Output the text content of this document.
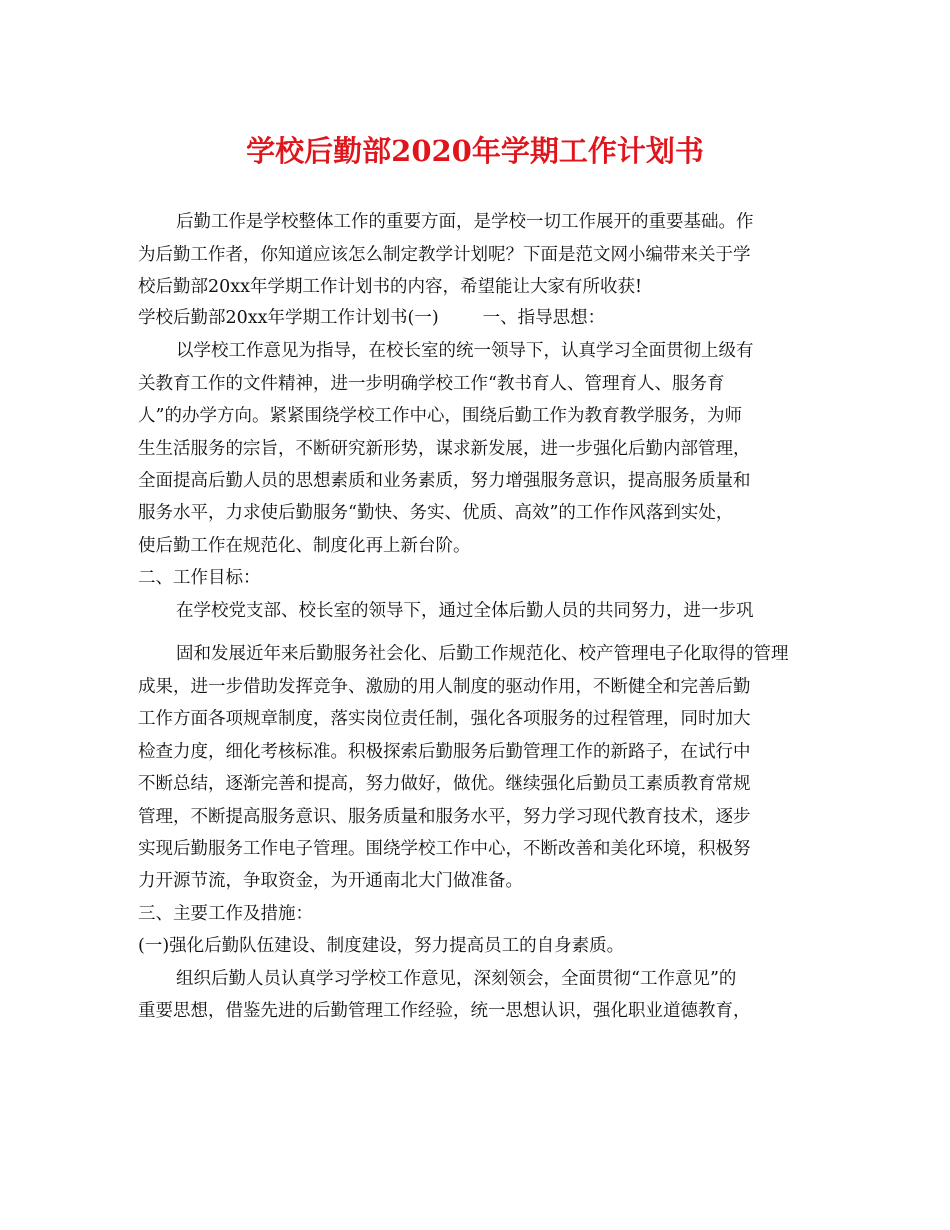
学校后勤部2020年学期工作计划书
后勤工作是学校整体工作的重要方面，是学校一切工作展开的重要基础。作
为后勤工作者，你知道应该怎么制定教学计划呢？下面是范文网小编带来关于学
校后勤部20xx年学期工作计划书的内容，希望能让大家有所收获!
学校后勤部20xx年学期工作计划书(一)	一、指导思想：
以学校工作意见为指导，在校长室的统一领导下，认真学习全面贯彻上级有
关教育工作的文件精神，进一步明确学校工作“教书育人、管理育人、服务育
人”的办学方向。紧紧围绕学校工作中心，围绕后勤工作为教育教学服务，为师
生生活服务的宗旨，不断研究新形势，谋求新发展，进一步强化后勤内部管理，
全面提高后勤人员的思想素质和业务素质，努力增强服务意识，提高服务质量和
服务水平，力求使后勤服务“勤快、务实、优质、高效”的工作作风落到实处，
使后勤工作在规范化、制度化再上新台阶。
二、工作目标：
在学校党支部、校长室的领导下，通过全体后勤人员的共同努力，进一步巩
固和发展近年来后勤服务社会化、后勤工作规范化、校产管理电子化取得的管理
成果，进一步借助发挥竞争、激励的用人制度的驱动作用，不断健全和完善后勤
工作方面各项规章制度，落实岗位责任制，强化各项服务的过程管理，同时加大
检查力度，细化考核标准。积极探索后勤服务后勤管理工作的新路子，在试行中
不断总结，逐渐完善和提高，努力做好，做优。继续强化后勤员工素质教育常规
管理，不断提高服务意识、服务质量和服务水平，努力学习现代教育技术，逐步
实现后勤服务工作电子管理。围绕学校工作中心，不断改善和美化环境，积极努
力开源节流，争取资金，为开通南北大门做准备。
三、主要工作及措施：
(一)强化后勤队伍建设、制度建设，努力提高员工的自身素质。
组织后勤人员认真学习学校工作意见，深刻领会，全面贯彻“工作意见”的
重要思想，借鉴先进的后勤管理工作经验，统一思想认识，强化职业道德教育，
